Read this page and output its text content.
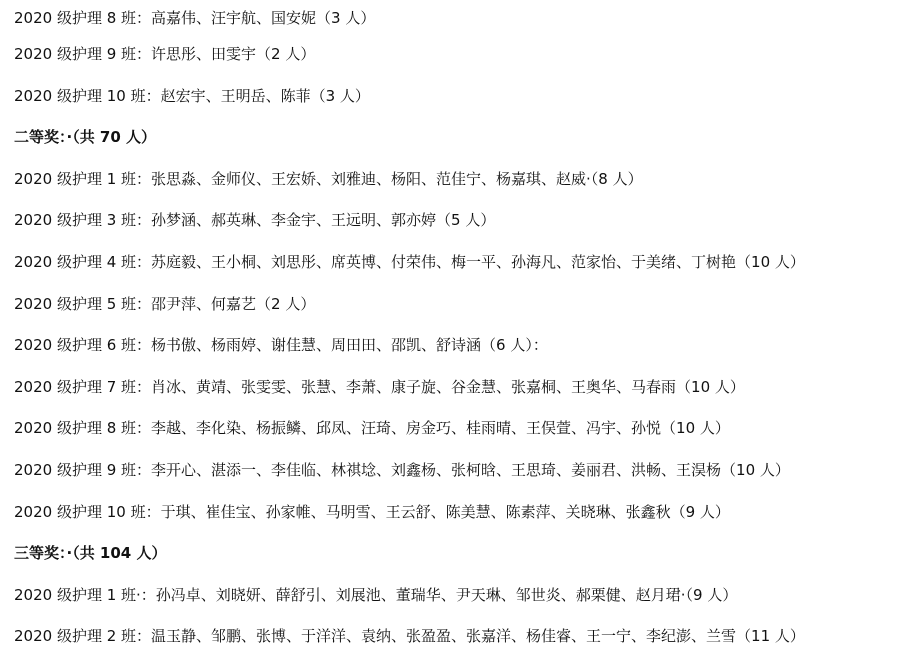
2020 级护理 8 班：高嘉伟、汪宇航、国安妮（3 人）
2020 级护理 9 班：许思彤、田雯宇（2 人）
2020 级护理 10 班：赵宏宇、王明岳、陈菲（3 人）
二等奖：·（共 70 人）
2020 级护理 1 班：张思淼、金师仪、王宏娇、刘雅迪、杨阳、范佳宁、杨嘉琪、赵威·（8 人）
2020 级护理 3 班：孙梦涵、郝英琳、李金宇、王远明、郭亦婷（5 人）
2020 级护理 4 班：苏庭毅、王小桐、刘思彤、席英博、付荣伟、梅一平、孙海凡、范家怡、于美绪、丁树艳（10 人）
2020 级护理 5 班：邵尹萍、何嘉艺（2 人）
2020 级护理 6 班：杨书傲、杨雨婷、谢佳慧、周田田、邵凯、舒诗涵（6 人）：
2020 级护理 7 班：肖冰、黄靖、张雯雯、张慧、李萧、康子旋、谷金慧、张嘉桐、王奥华、马春雨（10 人）
2020 级护理 8 班：李越、李化染、杨振鳞、邱凤、汪琦、房金巧、桂雨晴、王俣萱、冯宇、孙悦（10 人）
2020 级护理 9 班：李开心、湛添一、李佳临、林祺埝、刘鑫杨、张柯晗、王思琦、姜丽君、洪畅、王淏杨（10 人）
2020 级护理 10 班：于琪、崔佳宝、孙家帷、马明雪、王云舒、陈美慧、陈素萍、关晓琳、张鑫秋（9 人）
三等奖：·（共 104 人）
2020 级护理 1 班·：孙冯卓、刘晓妍、薛舒引、刘展池、董瑞华、尹天琳、邹世炎、郝栗健、赵月珺·（9 人）
2020 级护理 2 班：温玉静、邹鹏、张博、于洋洋、袁纳、张盈盈、张嘉洋、杨佳睿、王一宁、李纪澎、兰雪（11 人）
